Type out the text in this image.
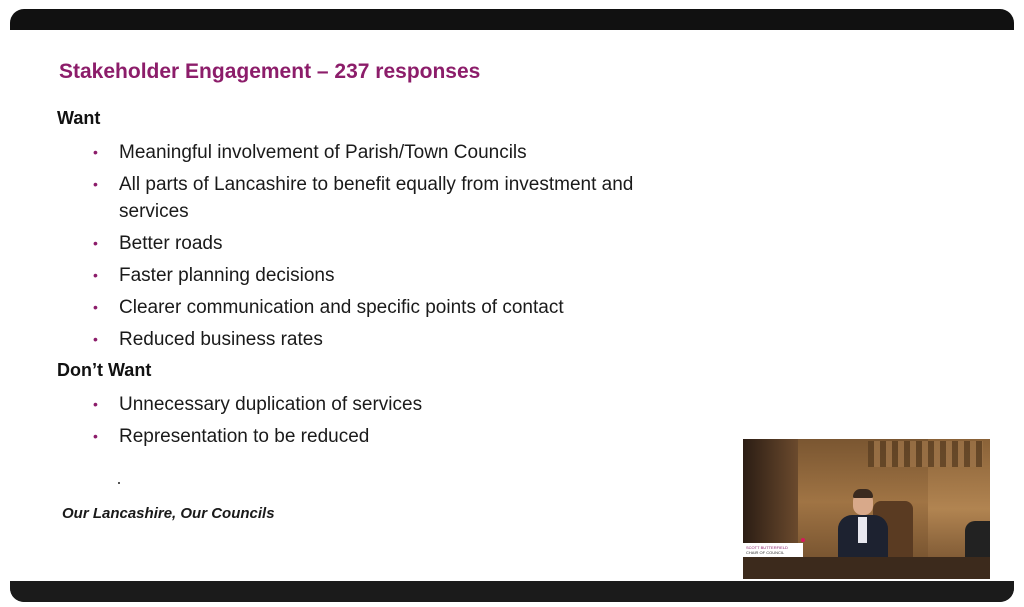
Stakeholder Engagement – 237 responses
Want
• Meaningful involvement of Parish/Town Councils
• All parts of Lancashire to benefit equally from investment and services
• Better roads
• Faster planning decisions
• Clearer communication and specific points of contact
• Reduced business rates
Don’t Want
• Unnecessary duplication of services
• Representation to be reduced
Our Lancashire, Our Councils
SCOTT BUTTERFIELD
CHAIR OF COUNCIL
